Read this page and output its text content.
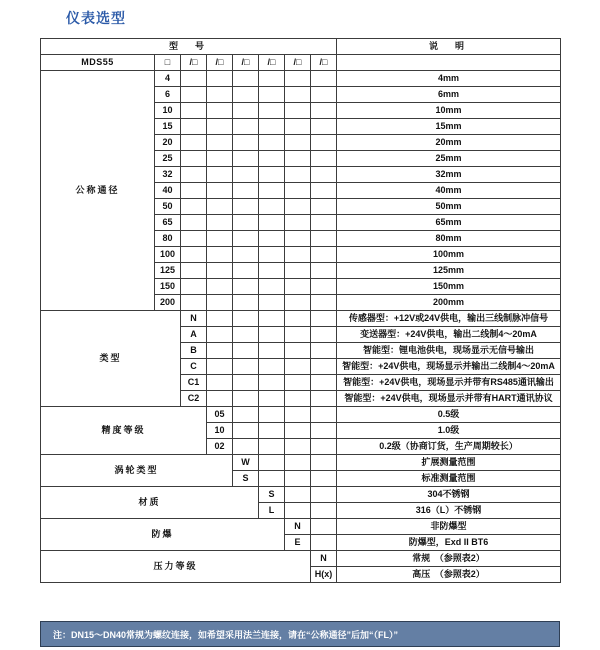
仪表选型
型　号								说　明
MDS55	□	/□	/□	/□	/□	/□	/□	
公称通径	4							4mm
	6							6mm
	10							10mm
	15							15mm
	20							20mm
	25							25mm
	32							32mm
	40							40mm
	50							50mm
	65							65mm
	80							80mm
	100							100mm
	125							125mm
	150							150mm
	200							200mm
类型		N						传感器型：+12V或24V供电，输出三线制脉冲信号
		A						变送器型：+24V供电，输出二线制4～20mA
		B						智能型：锂电池供电，现场显示无信号输出
		C						智能型：+24V供电，现场显示并输出二线制4～20mA
		C1						智能型：+24V供电，现场显示并带有RS485通讯输出
		C2						智能型：+24V供电，现场显示并带有HART通讯协议
精度等级			05					0.5级
			10					1.0级
			02					0.2级（协商订货，生产周期较长）
涡轮类型				W				扩展测量范围
				S				标准测量范围
材质					S			304不锈钢
					L			316（L）不锈钢
防爆						N		非防爆型
						E		防爆型，Exd II BT6
压力等级							N	常规　（参照表2）
							H(x)	高压　（参照表2）
注：DN15～DN40常规为螺纹连接，如希望采用法兰连接，请在“公称通径”后加“（FL）”
